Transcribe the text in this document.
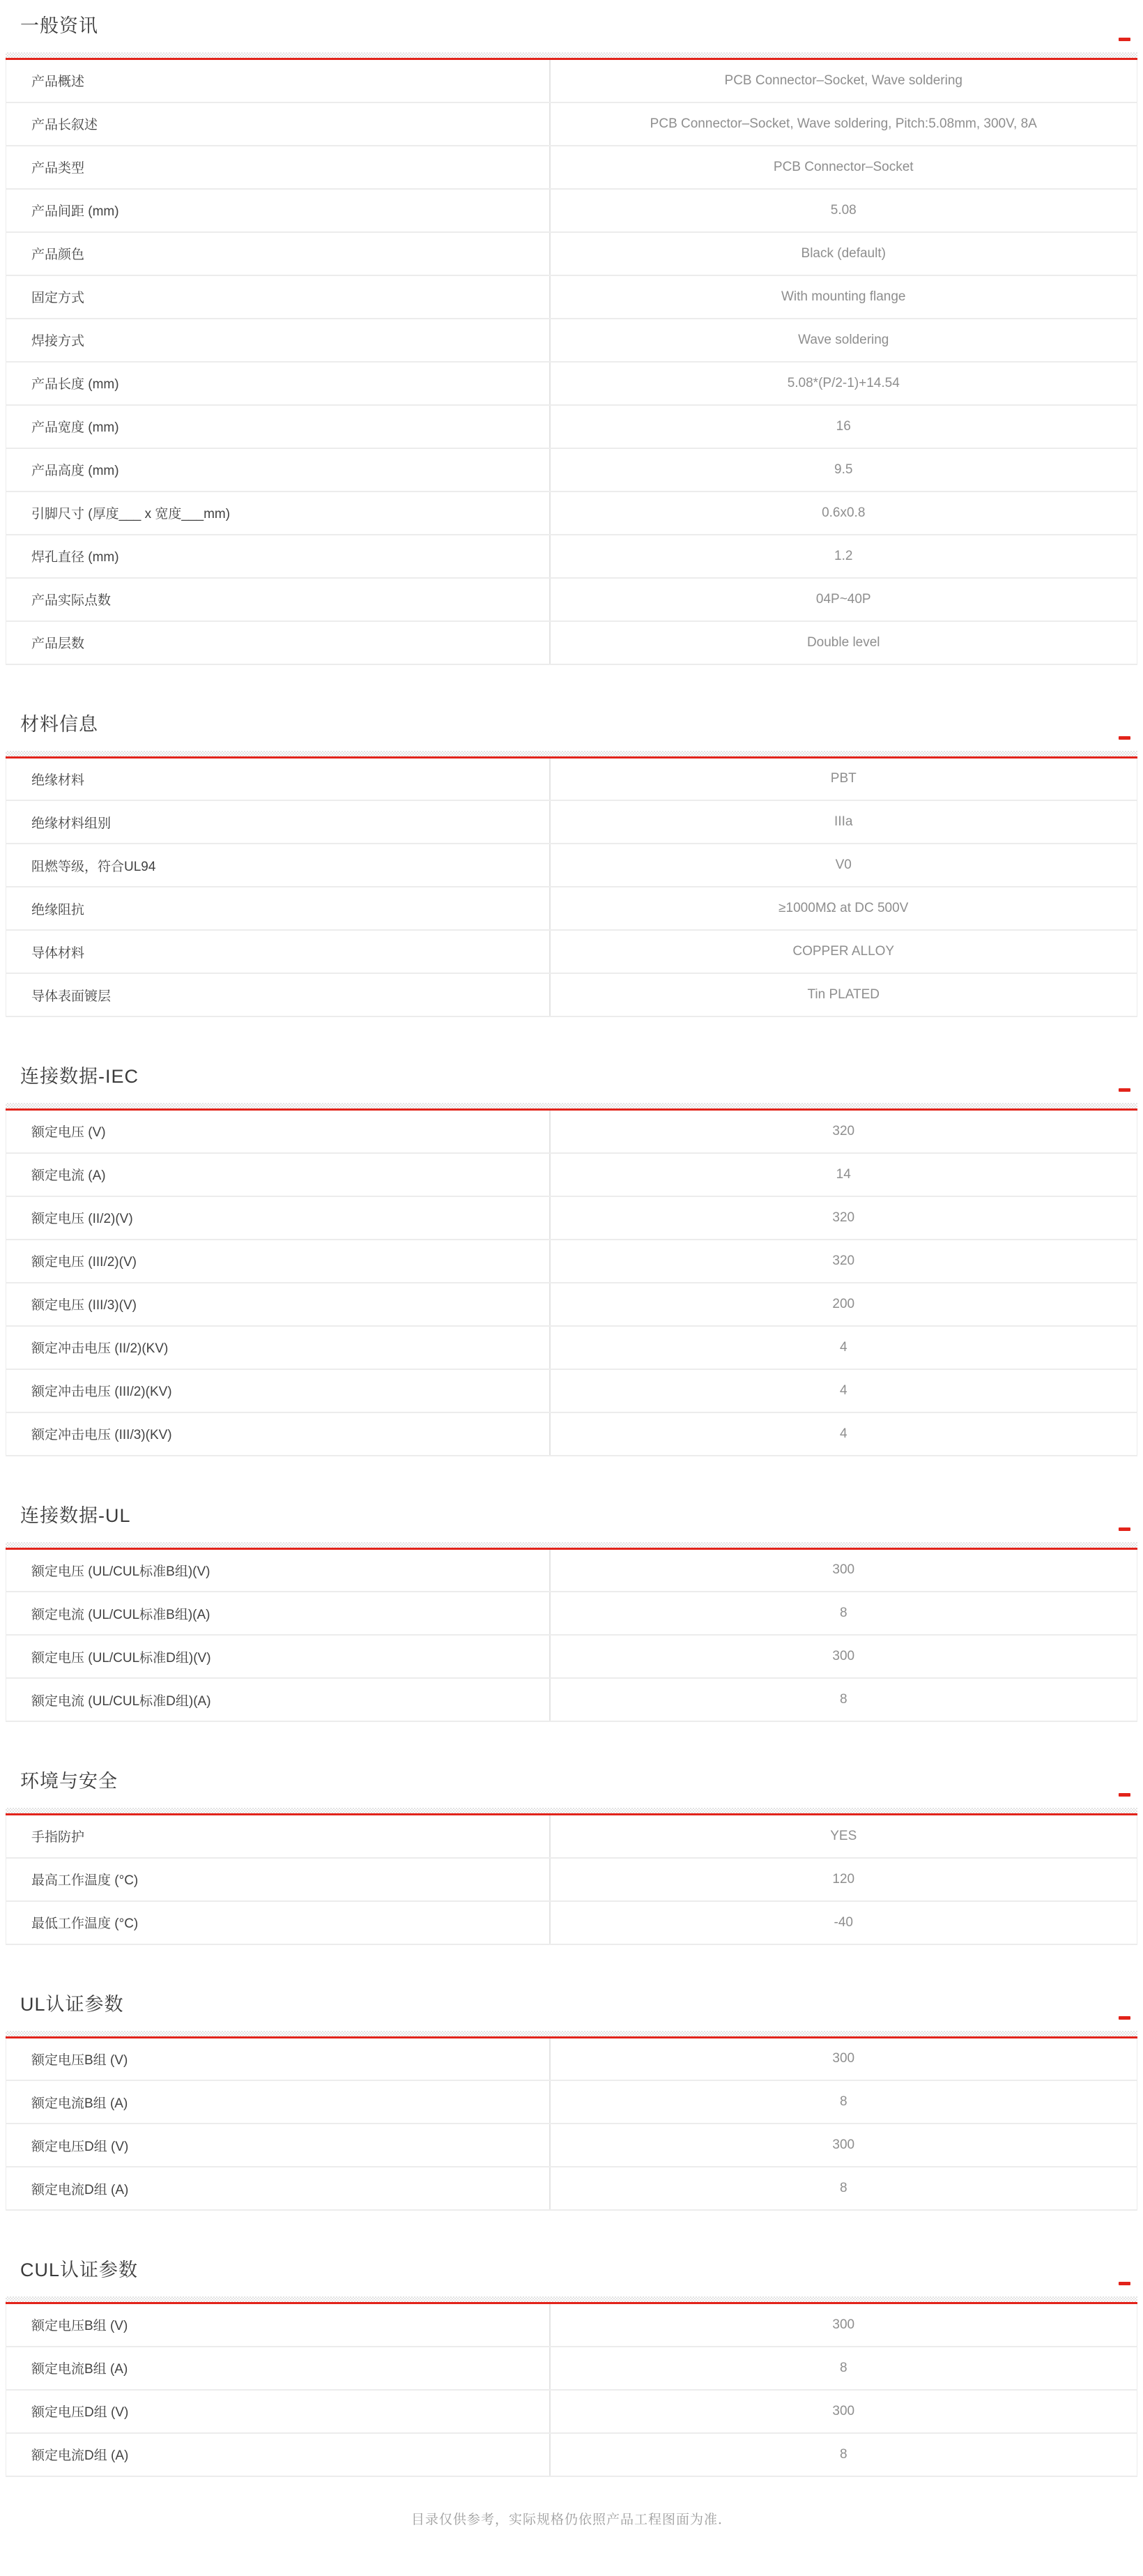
一般资讯
产品概述	PCB Connector–Socket, Wave soldering
产品长叙述	PCB Connector–Socket, Wave soldering, Pitch:5.08mm, 300V, 8A
产品类型	PCB Connector–Socket
产品间距 (mm)	5.08
产品颜色	Black (default)
固定方式	With mounting flange
焊接方式	Wave soldering
产品长度 (mm)	5.08*(P/2-1)+14.54
产品宽度 (mm)	16
产品高度 (mm)	9.5
引脚尺寸 (厚度___ x 宽度___mm)	0.6x0.8
焊孔直径 (mm)	1.2
产品实际点数	04P~40P
产品层数	Double level
材料信息
绝缘材料	PBT
绝缘材料组别	IIIa
阻燃等级，符合UL94	V0
绝缘阻抗	≥1000MΩ at DC 500V
导体材料	COPPER ALLOY
导体表面镀层	Tin PLATED
连接数据-IEC
额定电压 (V)	320
额定电流 (A)	14
额定电压 (II/2)(V)	320
额定电压 (III/2)(V)	320
额定电压 (III/3)(V)	200
额定冲击电压 (II/2)(KV)	4
额定冲击电压 (III/2)(KV)	4
额定冲击电压 (III/3)(KV)	4
连接数据-UL
额定电压 (UL/CUL标准B组)(V)	300
额定电流 (UL/CUL标准B组)(A)	8
额定电压 (UL/CUL标准D组)(V)	300
额定电流 (UL/CUL标准D组)(A)	8
环境与安全
手指防护	YES
最高工作温度 (°C)	120
最低工作温度 (°C)	-40
UL认证参数
额定电压B组 (V)	300
额定电流B组 (A)	8
额定电压D组 (V)	300
额定电流D组 (A)	8
CUL认证参数
额定电压B组 (V)	300
额定电流B组 (A)	8
额定电压D组 (V)	300
额定电流D组 (A)	8
目录仅供参考，实际规格仍依照产品工程图面为准．
